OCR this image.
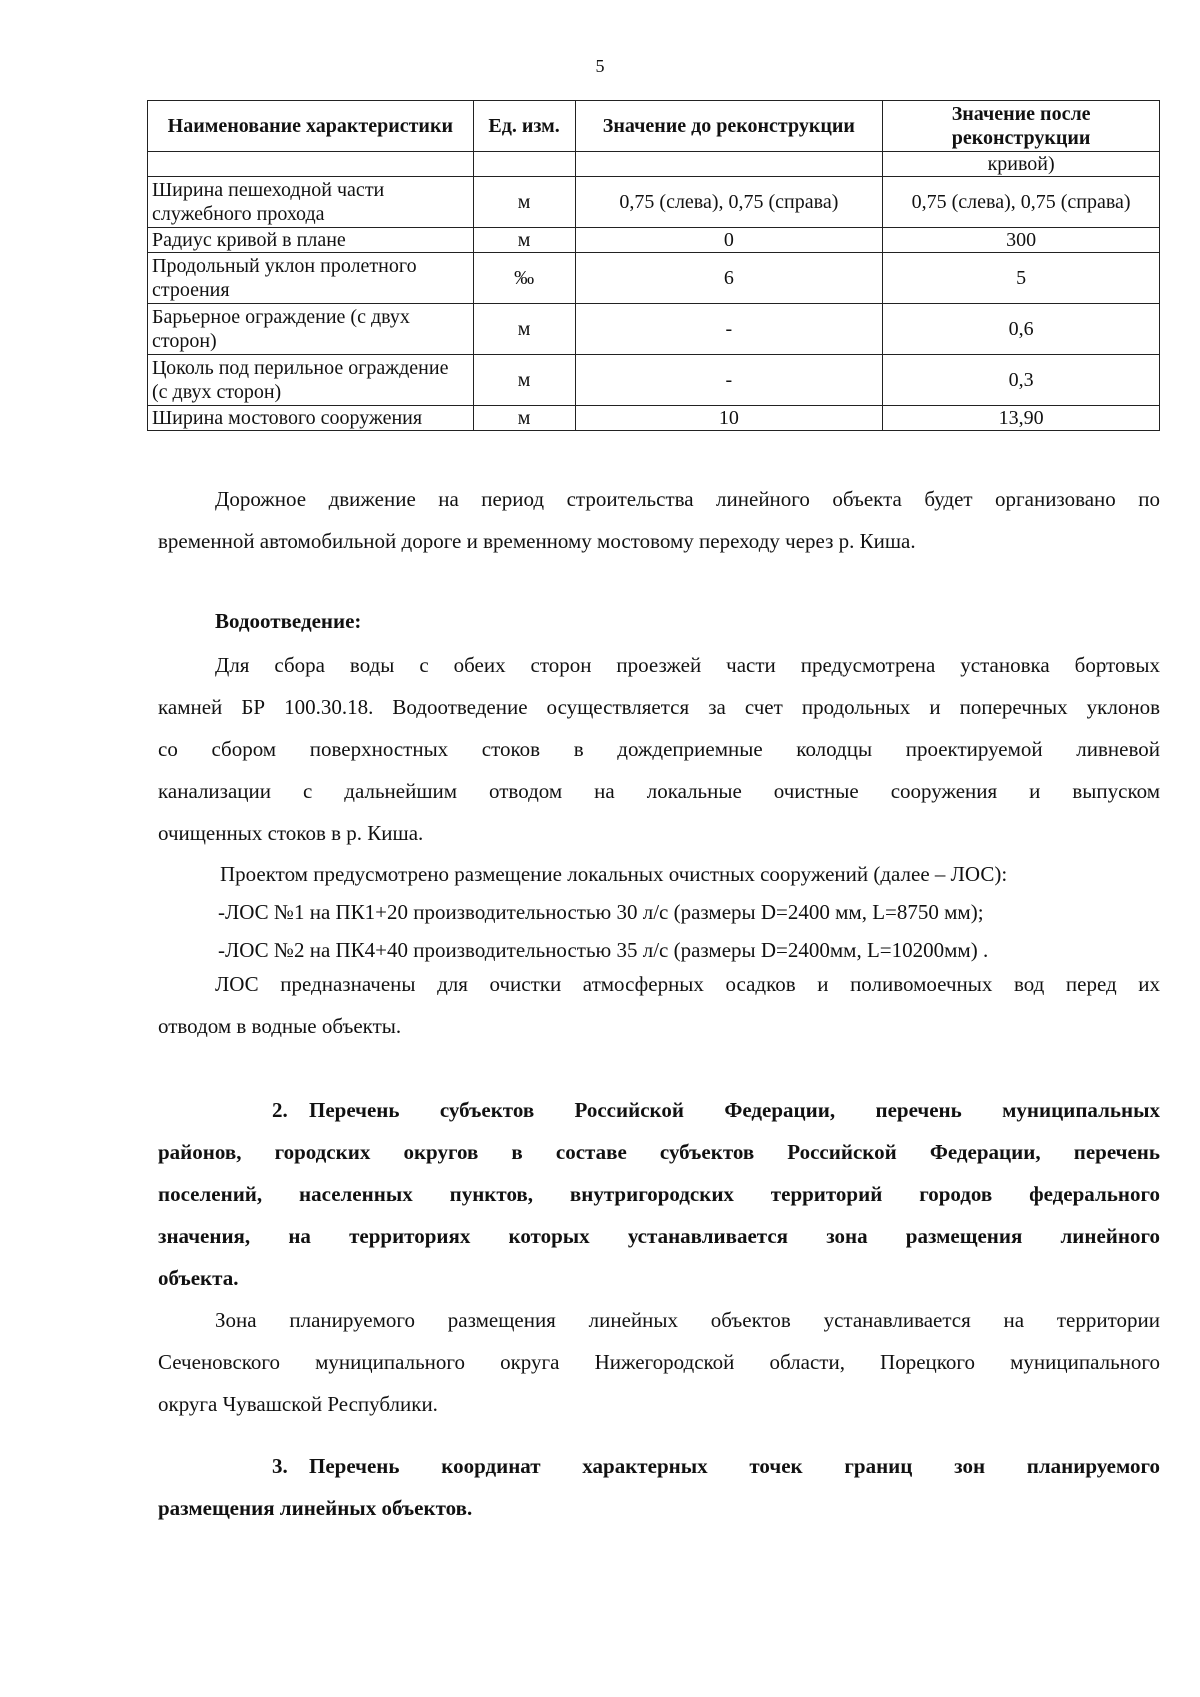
5
Наименование характеристики	Ед. изм.	Значение до реконструкции	Значение после реконструкции
			кривой)
Ширина пешеходной части служебного прохода	м	0,75 (слева), 0,75 (справа)	0,75 (слева), 0,75 (справа)
Радиус кривой в плане	м	0	300
Продольный уклон пролетного строения	‰	6	5
Барьерное ограждение (с двух сторон)	м	-	0,6
Цоколь под перильное ограждение (с двух сторон)	м	-	0,3
Ширина мостового сооружения	м	10	13,90
Дорожное движение на период строительства линейного объекта будет организовано по
временной автомобильной дороге и временному мостовому переходу через р. Киша.
Водоотведение:
Для сбора воды с обеих сторон проезжей части предусмотрена установка бортовых
камней БР 100.30.18. Водоотведение осуществляется за счет продольных и поперечных уклонов
со сбором поверхностных стоков в дождеприемные колодцы проектируемой ливневой
канализации с дальнейшим отводом на локальные очистные сооружения и выпуском
очищенных стоков в р. Киша.
Проектом предусмотрено размещение локальных очистных сооружений (далее – ЛОС):
-ЛОС №1 на ПК1+20 производительностью 30 л/с (размеры D=2400 мм, L=8750 мм);
-ЛОС №2 на ПК4+40 производительностью 35 л/с (размеры D=2400мм, L=10200мм) .
ЛОС предназначены для очистки атмосферных осадков и поливомоечных вод перед их
отводом в водные объекты.
2. Перечень субъектов Российской Федерации, перечень муниципальных
районов, городских округов в составе субъектов Российской Федерации, перечень
поселений, населенных пунктов, внутригородских территорий городов федерального
значения, на территориях которых устанавливается зона размещения линейного
объекта.
Зона планируемого размещения линейных объектов устанавливается на территории
Сеченовского муниципального округа Нижегородской области, Порецкого муниципального
округа Чувашской Республики.
3. Перечень координат характерных точек границ зон планируемого
размещения линейных объектов.
